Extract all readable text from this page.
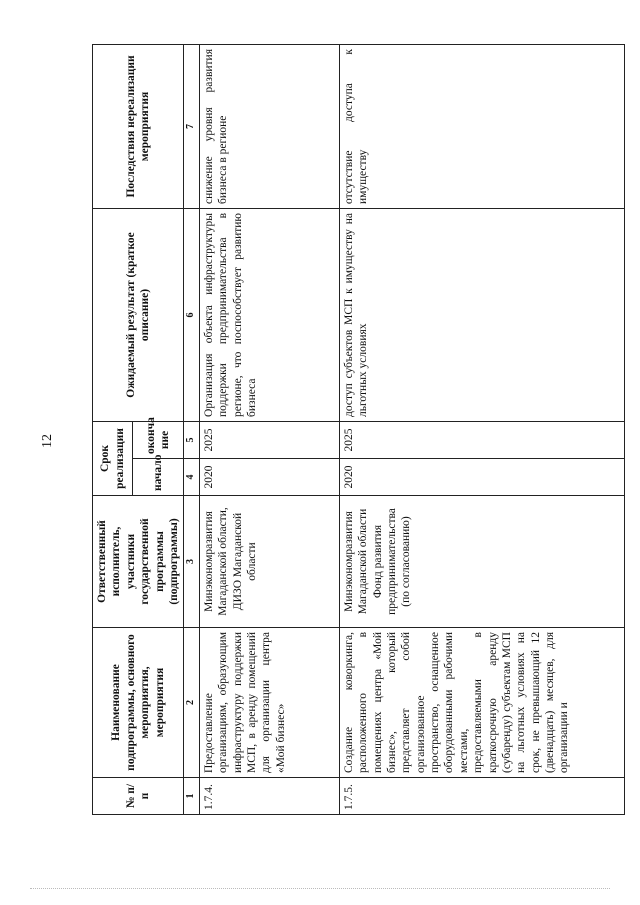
12
№ п/п	Наименование подпрограммы, основного мероприятия, мероприятия	Ответственный исполнитель, участники государственной программы (подпрограммы)	Срок реализации		Ожидаемый результат (краткое описание)	Последствия нереализации мероприятия
			начало	оконча ние		
1	2	3	4	5	6	7
1.7.4.	Предоставление организациям, образующим инфраструктуру поддержки МСП, в аренду помещений для организации центра «Мой бизнес»	Минэкономразвития Магаданской области, ДИЗО Магаданской области	2020	2025	Организация объекта инфраструктуры поддержки предпринимательства в регионе, что поспособствует развитию бизнеса	снижение уровня развития бизнеса в регионе
1.7.5.	Создание коворкинга, расположенного в помещениях центра «Мой бизнес», который представляет собой организованное пространство, оснащенное оборудованными рабочими местами, предоставляемыми в краткосрочную аренду (субаренду) субъектам МСП на льготных условиях на срок, не превышающий 12 (двенадцать) месяцев, для организации и	Минэкономразвития Магаданской области Фонд развития предпринимательства (по согласованию)	2020	2025	доступ субъектов МСП к имуществу на льготных условиях	отсутствие доступа к имуществу
